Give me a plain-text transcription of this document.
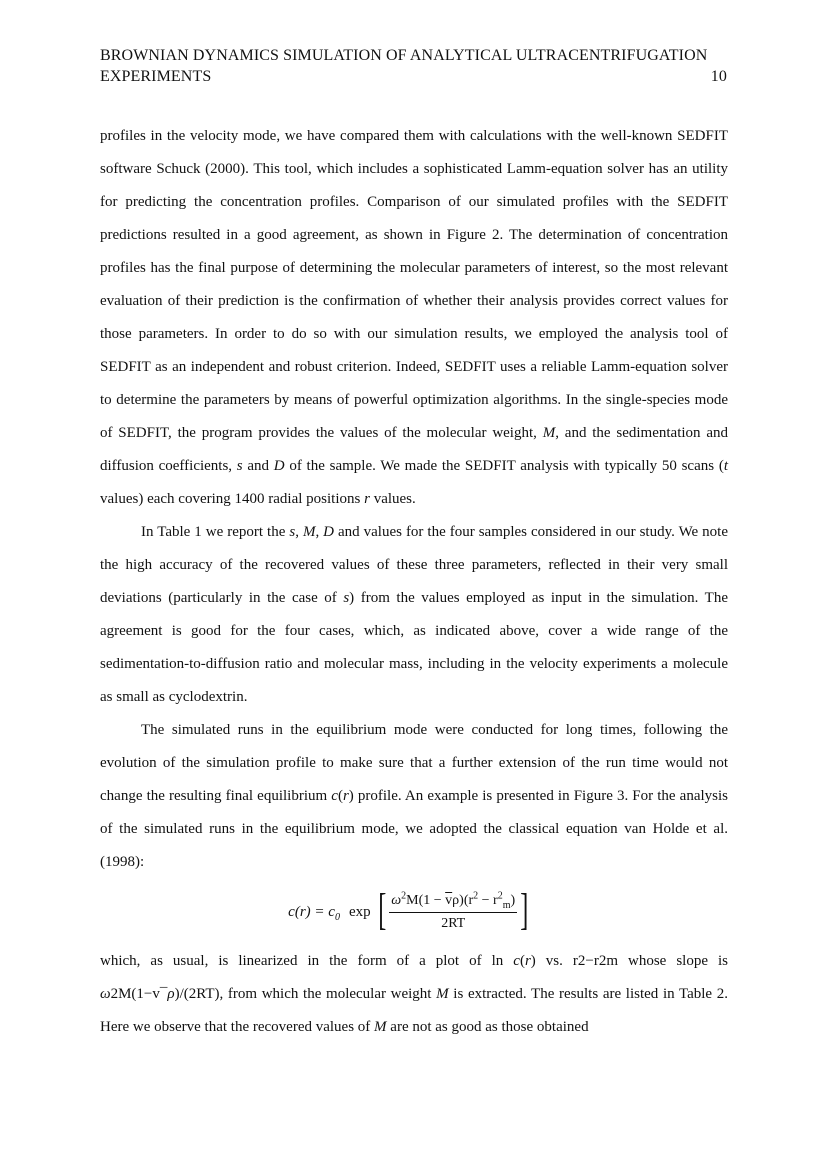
BROWNIAN DYNAMICS SIMULATION OF ANALYTICAL ULTRACENTRIFUGATION
EXPERIMENTS	10

profiles in the velocity mode, we have compared them with calculations with the well-known SEDFIT software Schuck (2000). This tool, which includes a sophisticated Lamm-equation solver has an utility for predicting the concentration profiles. Comparison of our simulated profiles with the SEDFIT predictions resulted in a good agreement, as shown in Figure 2. The determination of concentration profiles has the final purpose of determining the molecular parameters of interest, so the most relevant evaluation of their prediction is the confirmation of whether their analysis provides correct values for those parameters. In order to do so with our simulation results, we employed the analysis tool of SEDFIT as an independent and robust criterion. Indeed, SEDFIT uses a reliable Lamm-equation solver to determine the parameters by means of powerful optimization algorithms. In the single-species mode of SEDFIT, the program provides the values of the molecular weight, M, and the sedimentation and diffusion coefficients, s and D of the sample. We made the SEDFIT analysis with typically 50 scans (t values) each covering 1400 radial positions r values.

In Table 1 we report the s, M, D and values for the four samples considered in our study. We note the high accuracy of the recovered values of these three parameters, reflected in their very small deviations (particularly in the case of s) from the values employed as input in the simulation. The agreement is good for the four cases, which, as indicated above, cover a wide range of the sedimentation-to-diffusion ratio and molecular mass, including in the velocity experiments a molecule as small as cyclodextrin.

The simulated runs in the equilibrium mode were conducted for long times, following the evolution of the simulation profile to make sure that a further extension of the run time would not change the resulting final equilibrium c(r) profile. An example is presented in Figure 3. For the analysis of the simulated runs in the equilibrium mode, we adopted the classical equation van Holde et al. (1998):

$c(r) = c_0$ exp [ $\frac{\omega^2M(1 - \overline{v}\rho)(r^2 - r^2_m)}{2RT}$ ]

which, as usual, is linearized in the form of a plot of ln c(r) vs. r2−r2m whose slope is ω2M(1−v¯ρ)/(2RT), from which the molecular weight M is extracted. The results are listed in Table 2. Here we observe that the recovered values of M are not as good as those obtained
